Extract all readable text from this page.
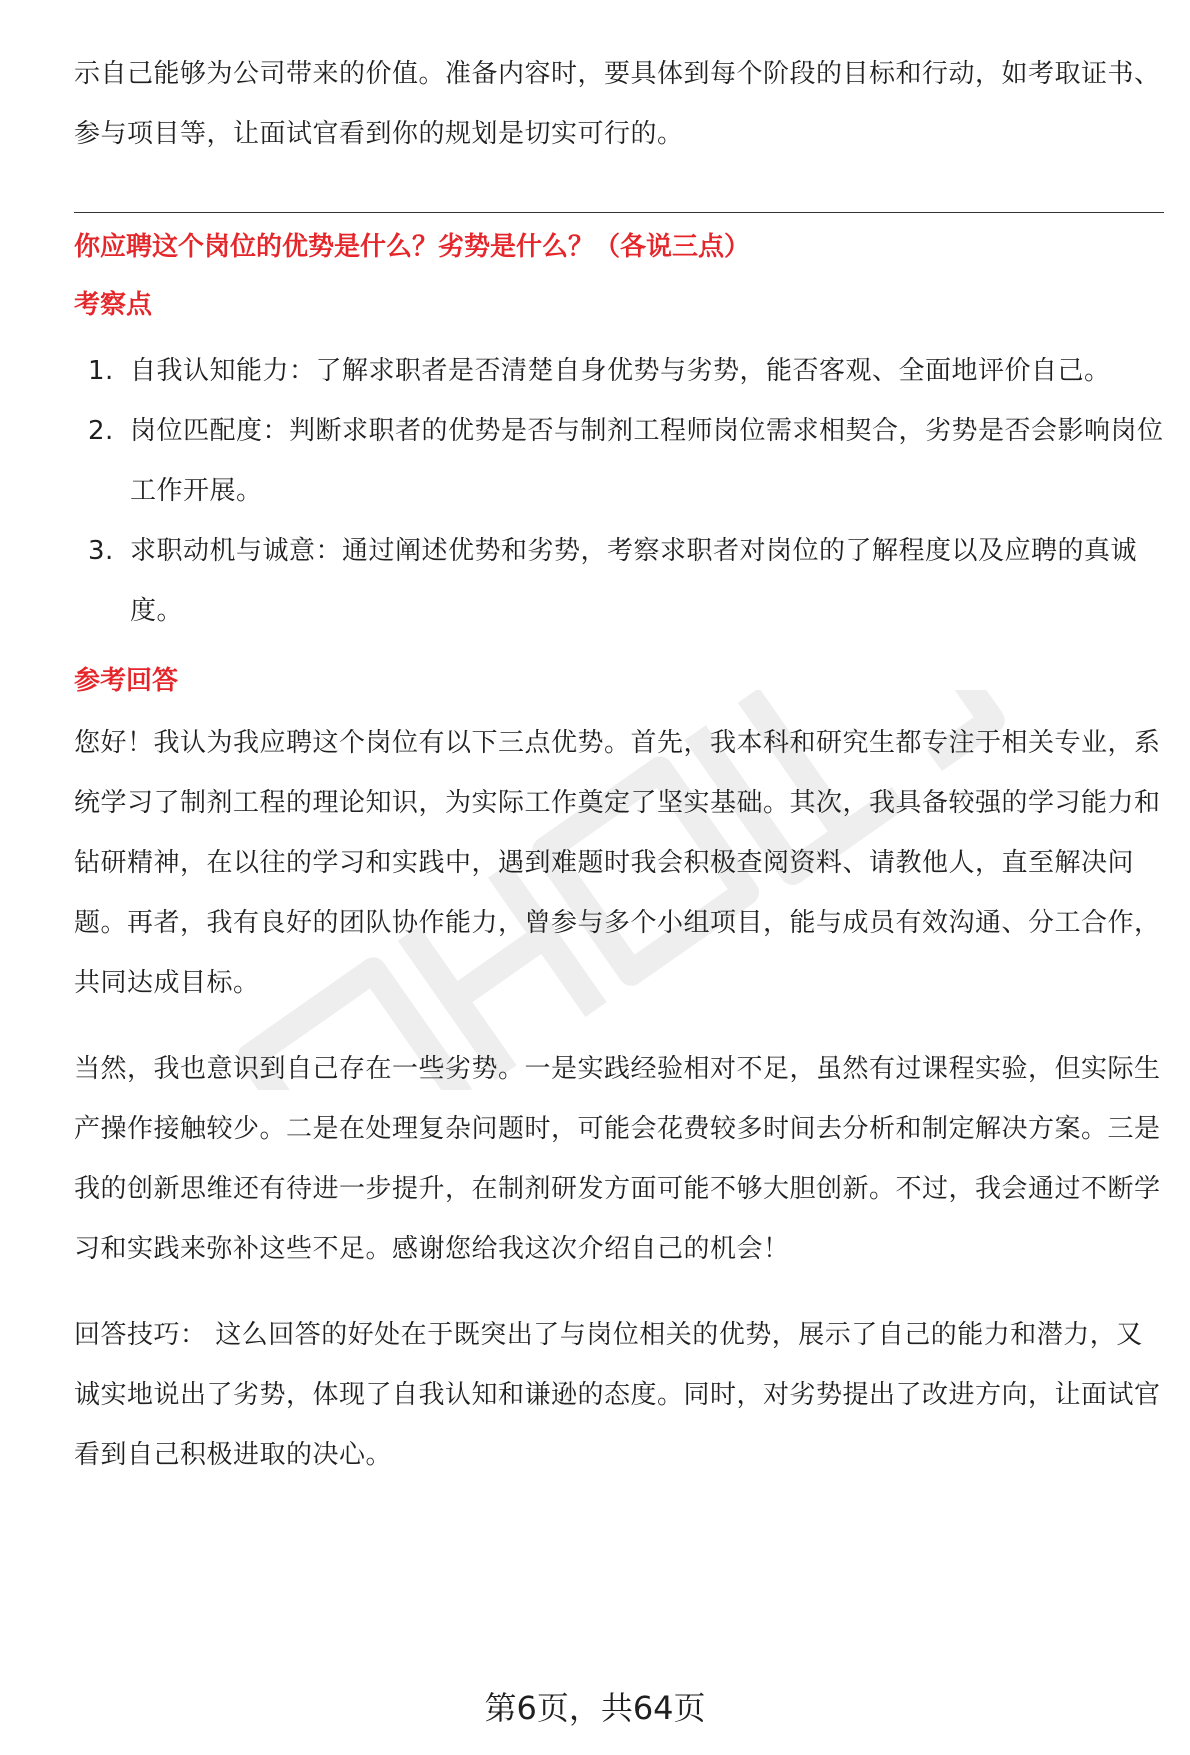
示自己能够为公司带来的价值。准备内容时，要具体到每个阶段的目标和行动，如考取证书、参与项目等，让面试官看到你的规划是切实可行的。

你应聘这个岗位的优势是什么？劣势是什么？（各说三点）

考察点

1. 自我认知能力：了解求职者是否清楚自身优势与劣势，能否客观、全面地评价自己。
2. 岗位匹配度：判断求职者的优势是否与制剂工程师岗位需求相契合，劣势是否会影响岗位工作开展。
3. 求职动机与诚意：通过阐述优势和劣势，考察求职者对岗位的了解程度以及应聘的真诚度。

参考回答

您好！我认为我应聘这个岗位有以下三点优势。首先，我本科和研究生都专注于相关专业，系统学习了制剂工程的理论知识，为实际工作奠定了坚实基础。其次，我具备较强的学习能力和钻研精神，在以往的学习和实践中，遇到难题时我会积极查阅资料、请教他人，直至解决问题。再者，我有良好的团队协作能力，曾参与多个小组项目，能与成员有效沟通、分工合作，共同达成目标。

当然，我也意识到自己存在一些劣势。一是实践经验相对不足，虽然有过课程实验，但实际生产操作接触较少。二是在处理复杂问题时，可能会花费较多时间去分析和制定解决方案。三是我的创新思维还有待进一步提升，在制剂研发方面可能不够大胆创新。不过，我会通过不断学习和实践来弥补这些不足。感谢您给我这次介绍自己的机会！

回答技巧： 这么回答的好处在于既突出了与岗位相关的优势，展示了自己的能力和潜力，又诚实地说出了劣势，体现了自我认知和谦逊的态度。同时，对劣势提出了改进方向，让面试官看到自己积极进取的决心。

第6页，共64页
